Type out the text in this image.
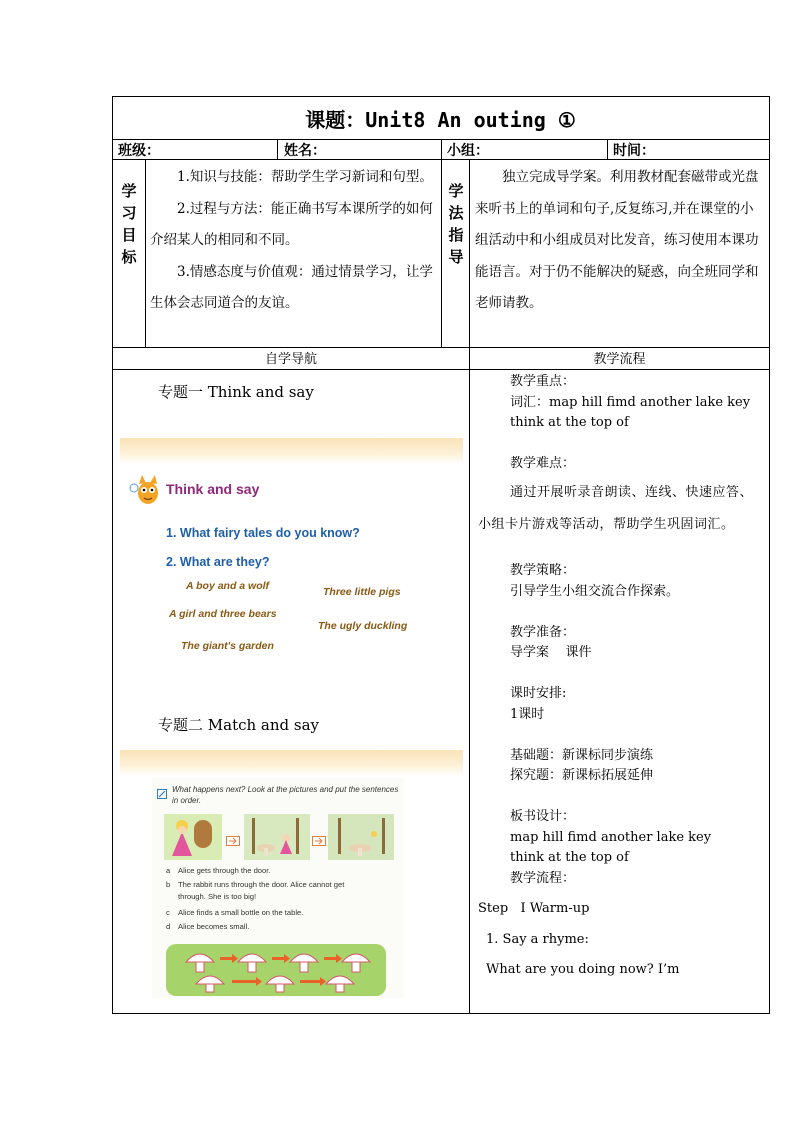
课题：Unit8 An outing ①
班级：	姓名：	小组：	时间：
学
习
目
标
1.知识与技能：帮助学生学习新词和句型。
2.过程与方法：能正确书写本课所学的如何介绍某人的相同和不同。
3.情感态度与价值观：通过情景学习，让学生体会志同道合的友谊。
学
法
指
导
独立完成导学案。利用教材配套磁带或光盘来听书上的单词和句子,反复练习,并在课堂的小组活动中和小组成员对比发音，练习使用本课功能语言。对于仍不能解决的疑惑，向全班同学和老师请教。
自学导航	教学流程
专题一 Think and say
Think and say
1. What fairy tales do you know?
2. What are they?
A boy and a wolf	Three little pigs
A girl and three bears
The ugly duckling
The giant's garden
专题二 Match and say
What happens next? Look at the pictures and put the sentences in order.
a Alice gets through the door.
b The rabbit runs through the door. Alice cannot get
through. She is too big!
c Alice finds a small bottle on the table.
d Alice becomes small.
教学重点：
词汇：map hill fimd another lake key
think at the top of
教学难点：
通过开展听录音朗读、连线、快速应答、小组卡片游戏等活动，帮助学生巩固词汇。
教学策略：
引导学生小组交流合作探索。
教学准备：
导学案    课件
课时安排:
1课时
基础题：新课标同步演练
探究题：新课标拓展延伸
板书设计：
map hill fimd another lake key
think at the top of
教学流程：
Step   I Warm-up
1. Say a rhyme:
What are you doing now? I’m
